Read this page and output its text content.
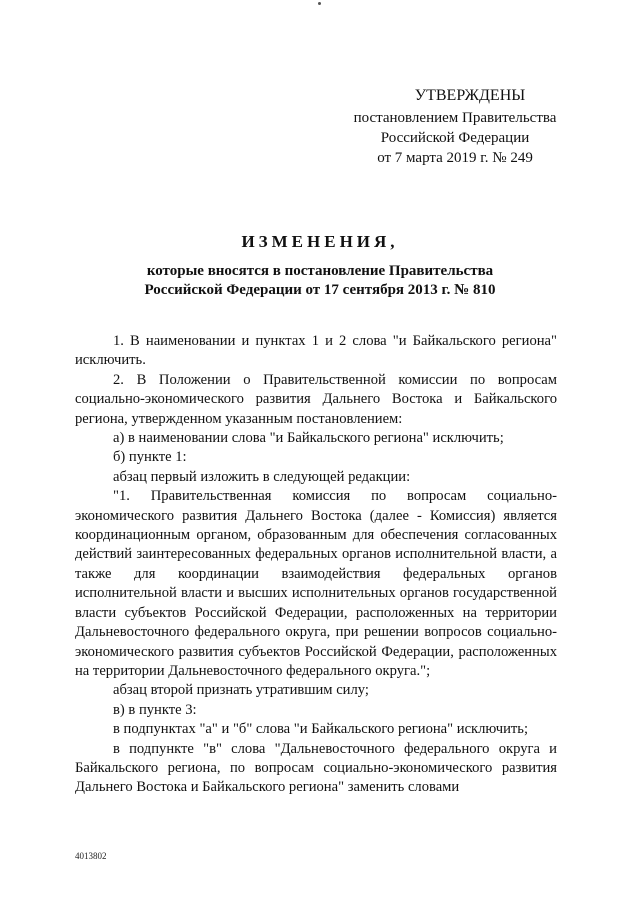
УТВЕРЖДЕНЫ
постановлением Правительства
Российской Федерации
от 7 марта 2019 г. № 249
ИЗМЕНЕНИЯ,
которые вносятся в постановление Правительства
Российской Федерации от 17 сентября 2013 г. № 810

1. В наименовании и пунктах 1 и 2 слова "и Байкальского региона" исключить.

2. В Положении о Правительственной комиссии по вопросам социально-экономического развития Дальнего Востока и Байкальского региона, утвержденном указанным постановлением:

а) в наименовании слова "и Байкальского региона" исключить;

б) пункте 1:

абзац первый изложить в следующей редакции:

"1. Правительственная комиссия по вопросам социально-экономического развития Дальнего Востока (далее - Комиссия) является координационным органом, образованным для обеспечения согласованных действий заинтересованных федеральных органов исполнительной власти, а также для координации взаимодействия федеральных органов исполнительной власти и высших исполнительных органов государственной власти субъектов Российской Федерации, расположенных на территории Дальневосточного федерального округа, при решении вопросов социально-экономического развития субъектов Российской Федерации, расположенных на территории Дальневосточного федерального округа.";

абзац второй признать утратившим силу;

в) в пункте 3:

в подпунктах "а" и "б" слова "и Байкальского региона" исключить;

в подпункте "в" слова "Дальневосточного федерального округа и Байкальского региона, по вопросам социально-экономического развития Дальнего Востока и Байкальского региона" заменить словами

4013802
